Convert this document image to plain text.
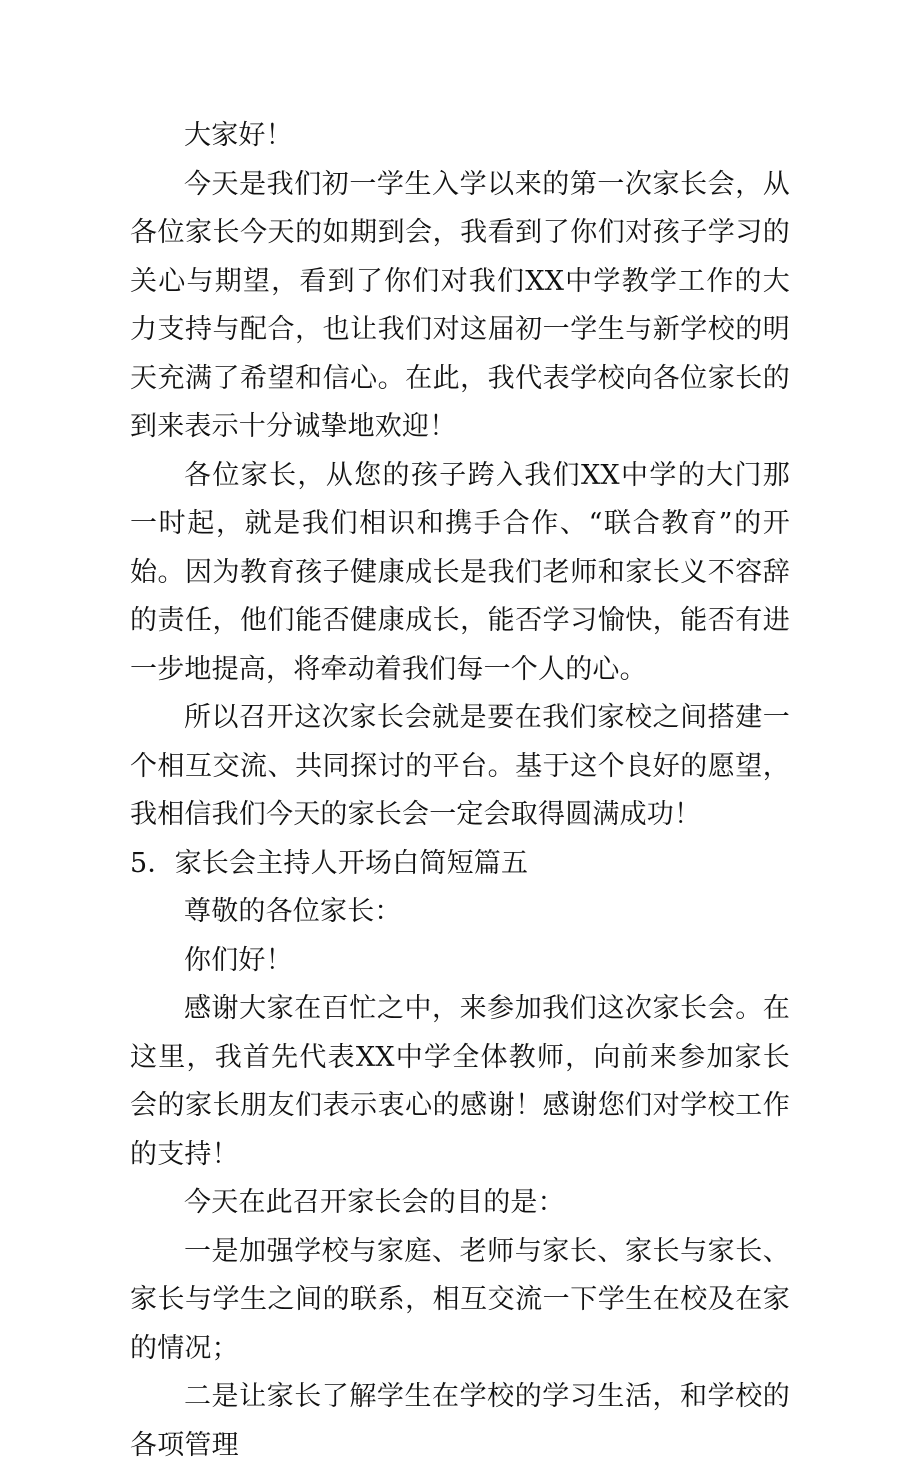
大家好！

今天是我们初一学生入学以来的第一次家长会，从各位家长今天的如期到会，我看到了你们对孩子学习的关心与期望，看到了你们对我们XX中学教学工作的大力支持与配合，也让我们对这届初一学生与新学校的明天充满了希望和信心。在此，我代表学校向各位家长的到来表示十分诚挚地欢迎！

各位家长，从您的孩子跨入我们XX中学的大门那一时起，就是我们相识和携手合作、“联合教育”的开始。因为教育孩子健康成长是我们老师和家长义不容辞的责任，他们能否健康成长，能否学习愉快，能否有进一步地提高，将牵动着我们每一个人的心。

所以召开这次家长会就是要在我们家校之间搭建一个相互交流、共同探讨的平台。基于这个良好的愿望，我相信我们今天的家长会一定会取得圆满成功！

5．家长会主持人开场白简短篇五

尊敬的各位家长：

你们好！

感谢大家在百忙之中，来参加我们这次家长会。在这里，我首先代表XX中学全体教师，向前来参加家长会的家长朋友们表示衷心的感谢！感谢您们对学校工作的支持！

今天在此召开家长会的目的是：

一是加强学校与家庭、老师与家长、家长与家长、家长与学生之间的联系，相互交流一下学生在校及在家的情况；

二是让家长了解学生在学校的学习生活，和学校的各项管理
